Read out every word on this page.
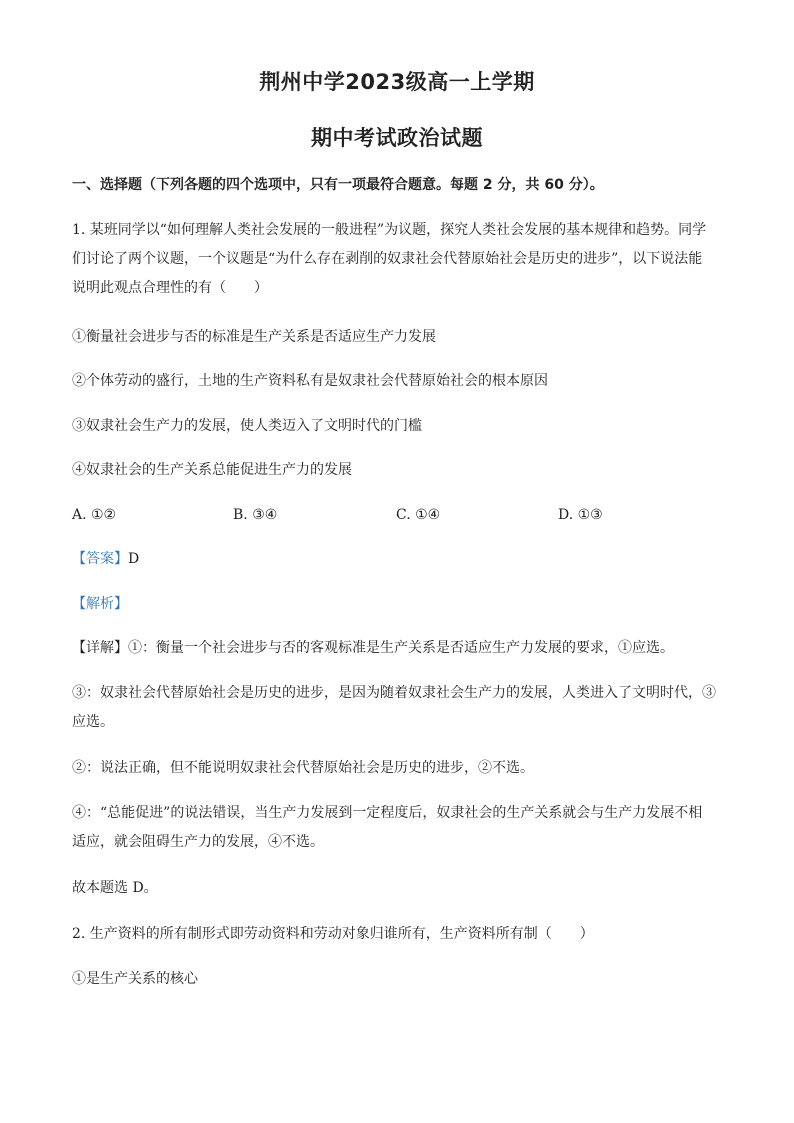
荆州中学2023级高一上学期
期中考试政治试题
一、选择题（下列各题的四个选项中，只有一项最符合题意。每题 2 分，共 60 分）。
1. 某班同学以“如何理解人类社会发展的一般进程”为议题，探究人类社会发展的基本规律和趋势。同学
们讨论了两个议题，一个议题是“为什么存在剥削的奴隶社会代替原始社会是历史的进步”，以下说法能
说明此观点合理性的有（　　）
①衡量社会进步与否的标准是生产关系是否适应生产力发展
②个体劳动的盛行，土地的生产资料私有是奴隶社会代替原始社会的根本原因
③奴隶社会生产力的发展，使人类迈入了文明时代的门槛
④奴隶社会的生产关系总能促进生产力的发展
A. ①②	B. ③④	C. ①④	D. ①③
【答案】D
【解析】
【详解】①：衡量一个社会进步与否的客观标准是生产关系是否适应生产力发展的要求，①应选。
③：奴隶社会代替原始社会是历史的进步，是因为随着奴隶社会生产力的发展，人类进入了文明时代，③
应选。
②：说法正确，但不能说明奴隶社会代替原始社会是历史的进步，②不选。
④：“总能促进”的说法错误，当生产力发展到一定程度后，奴隶社会的生产关系就会与生产力发展不相
适应，就会阻碍生产力的发展，④不选。
故本题选 D。
2. 生产资料的所有制形式即劳动资料和劳动对象归谁所有，生产资料所有制（　　）
①是生产关系的核心
